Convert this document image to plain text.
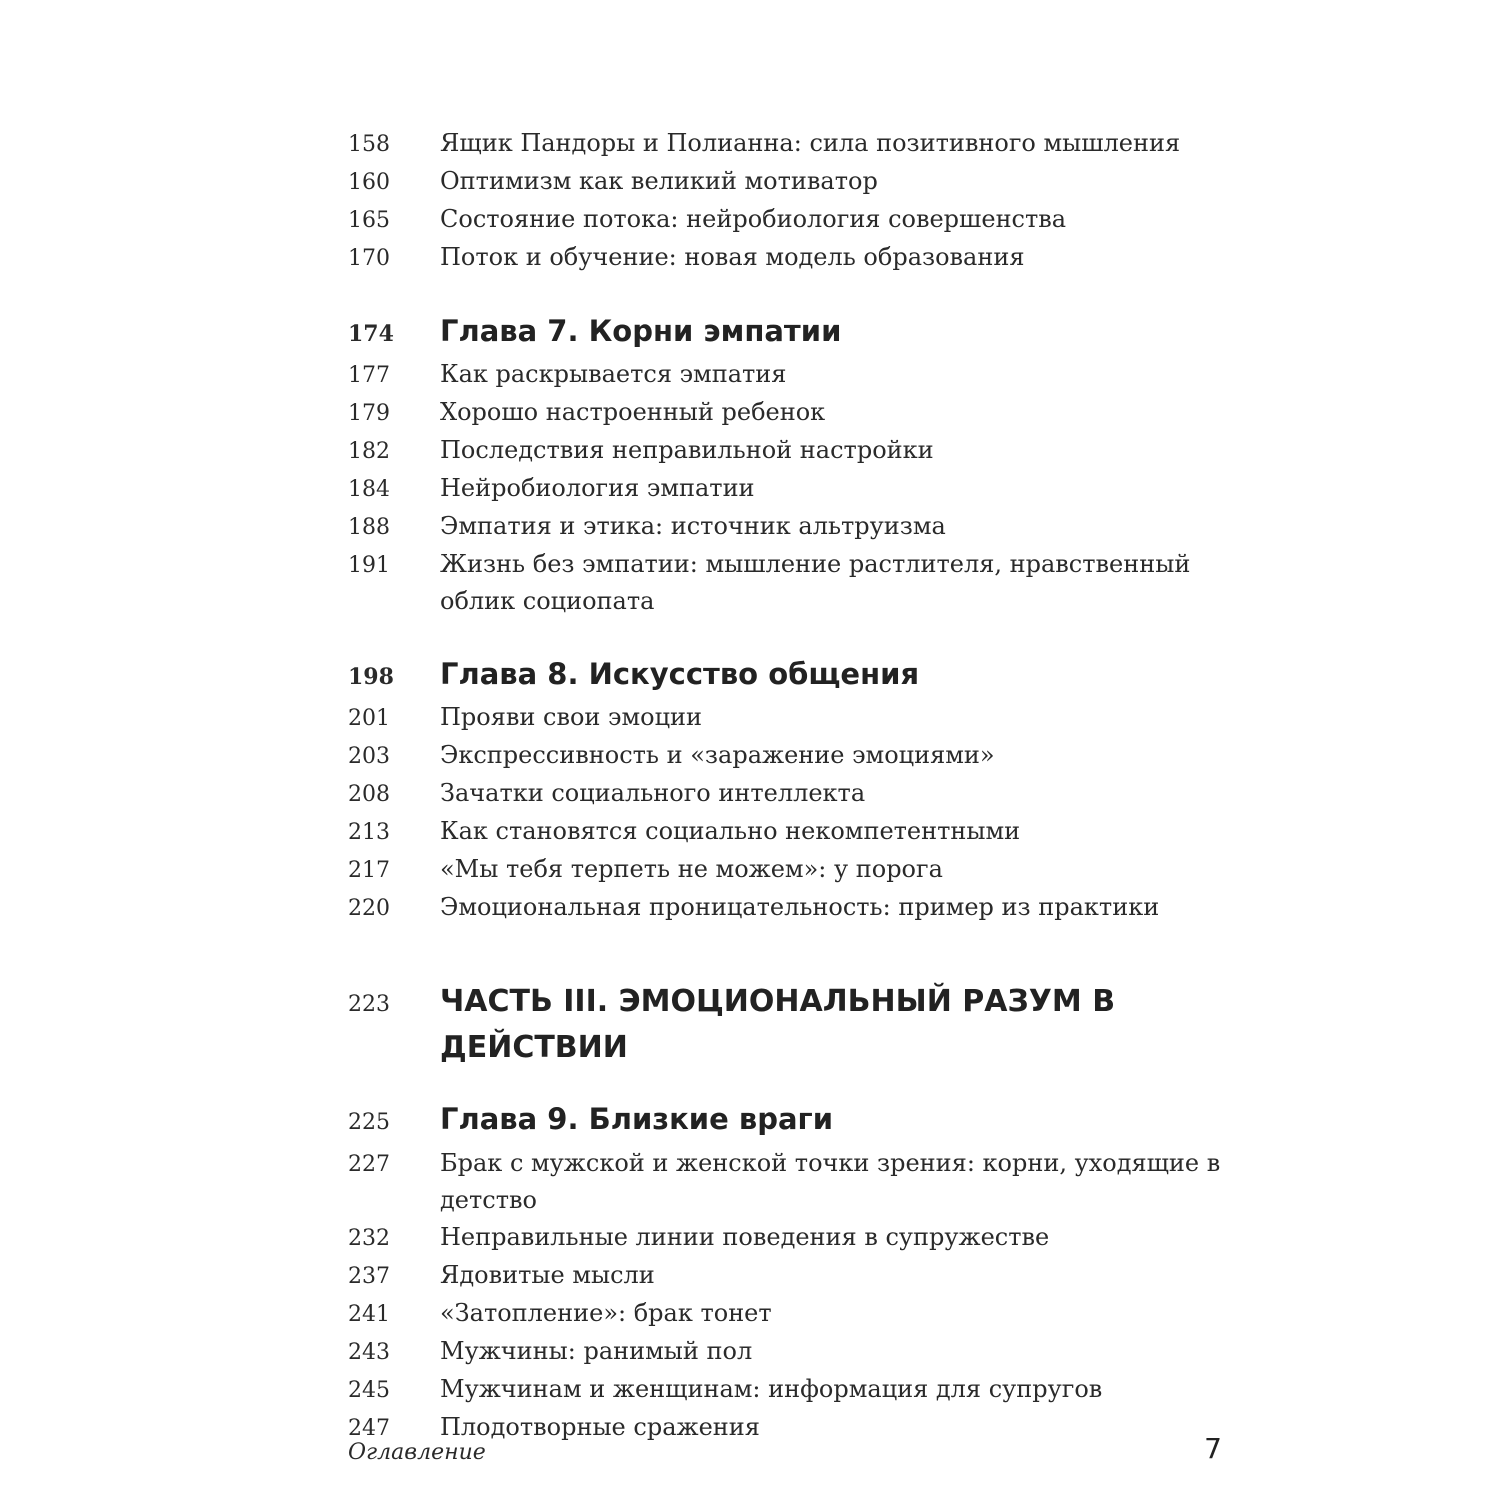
158	Ящик Пандоры и Полианна: сила позитивного мышления
160	Оптимизм как великий мотиватор
165	Состояние потока: нейробиология совершенства
170	Поток и обучение: новая модель образования
174	Глава 7. Корни эмпатии
177	Как раскрывается эмпатия
179	Хорошо настроенный ребенок
182	Последствия неправильной настройки
184	Нейробиология эмпатии
188	Эмпатия и этика: источник альтруизма
191	Жизнь без эмпатии: мышление растлителя, нравственный облик социопата
198	Глава 8. Искусство общения
201	Прояви свои эмоции
203	Экспрессивность и «заражение эмоциями»
208	Зачатки социального интеллекта
213	Как становятся социально некомпетентными
217	«Мы тебя терпеть не можем»: у порога
220	Эмоциональная проницательность: пример из практики
223	ЧАСТЬ III. ЭМОЦИОНАЛЬНЫЙ РАЗУМ В ДЕЙСТВИИ
225	Глава 9. Близкие враги
227	Брак с мужской и женской точки зрения: корни, уходящие в детство
232	Неправильные линии поведения в супружестве
237	Ядовитые мысли
241	«Затопление»: брак тонет
243	Мужчины: ранимый пол
245	Мужчинам и женщинам: информация для супругов
247	Плодотворные сражения
Оглавление	7
